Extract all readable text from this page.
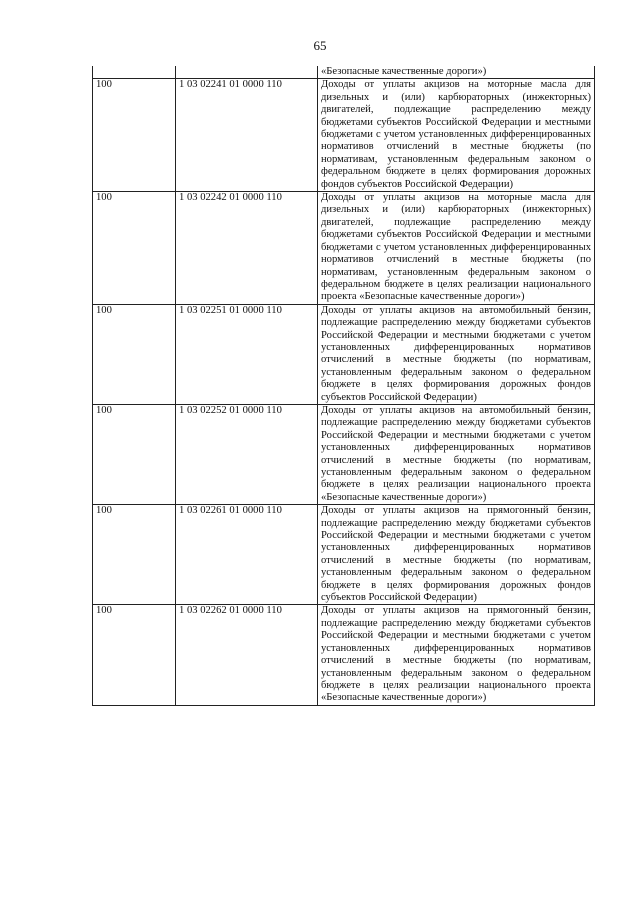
65
		«Безопасные качественные дороги»)
100	1 03 02241 01 0000 110	Доходы от уплаты акцизов на моторные масла для дизельных и (или) карбюраторных (инжекторных) двигателей, подлежащие распределению между бюджетами субъектов Российской Федерации и местными бюджетами с учетом установленных дифференцированных нормативов отчислений в местные бюджеты (по нормативам, установленным федеральным законом о федеральном бюджете в целях формирования дорожных фондов субъектов Российской Федерации)
100	1 03 02242 01 0000 110	Доходы от уплаты акцизов на моторные масла для дизельных и (или) карбюраторных (инжекторных) двигателей, подлежащие распределению между бюджетами субъектов Российской Федерации и местными бюджетами с учетом установленных дифференцированных нормативов отчислений в местные бюджеты (по нормативам, установленным федеральным законом о федеральном бюджете в целях реализации национального проекта «Безопасные качественные дороги»)
100	1 03 02251 01 0000 110	Доходы от уплаты акцизов на автомобильный бензин, подлежащие распределению между бюджетами субъектов Российской Федерации и местными бюджетами с учетом установленных дифференцированных нормативов отчислений в местные бюджеты (по нормативам, установленным федеральным законом о федеральном бюджете в целях формирования дорожных фондов субъектов Российской Федерации)
100	1 03 02252 01 0000 110	Доходы от уплаты акцизов на автомобильный бензин, подлежащие распределению между бюджетами субъектов Российской Федерации и местными бюджетами с учетом установленных дифференцированных нормативов отчислений в местные бюджеты (по нормативам, установленным федеральным законом о федеральном бюджете в целях реализации национального проекта «Безопасные качественные дороги»)
100	1 03 02261 01 0000 110	Доходы от уплаты акцизов на прямогонный бензин, подлежащие распределению между бюджетами субъектов Российской Федерации и местными бюджетами с учетом установленных дифференцированных нормативов отчислений в местные бюджеты (по нормативам, установленным федеральным законом о федеральном бюджете в целях формирования дорожных фондов субъектов Российской Федерации)
100	1 03 02262 01 0000 110	Доходы от уплаты акцизов на прямогонный бензин, подлежащие распределению между бюджетами субъектов Российской Федерации и местными бюджетами с учетом установленных дифференцированных нормативов отчислений в местные бюджеты (по нормативам, установленным федеральным законом о федеральном бюджете в целях реализации национального проекта «Безопасные качественные дороги»)
